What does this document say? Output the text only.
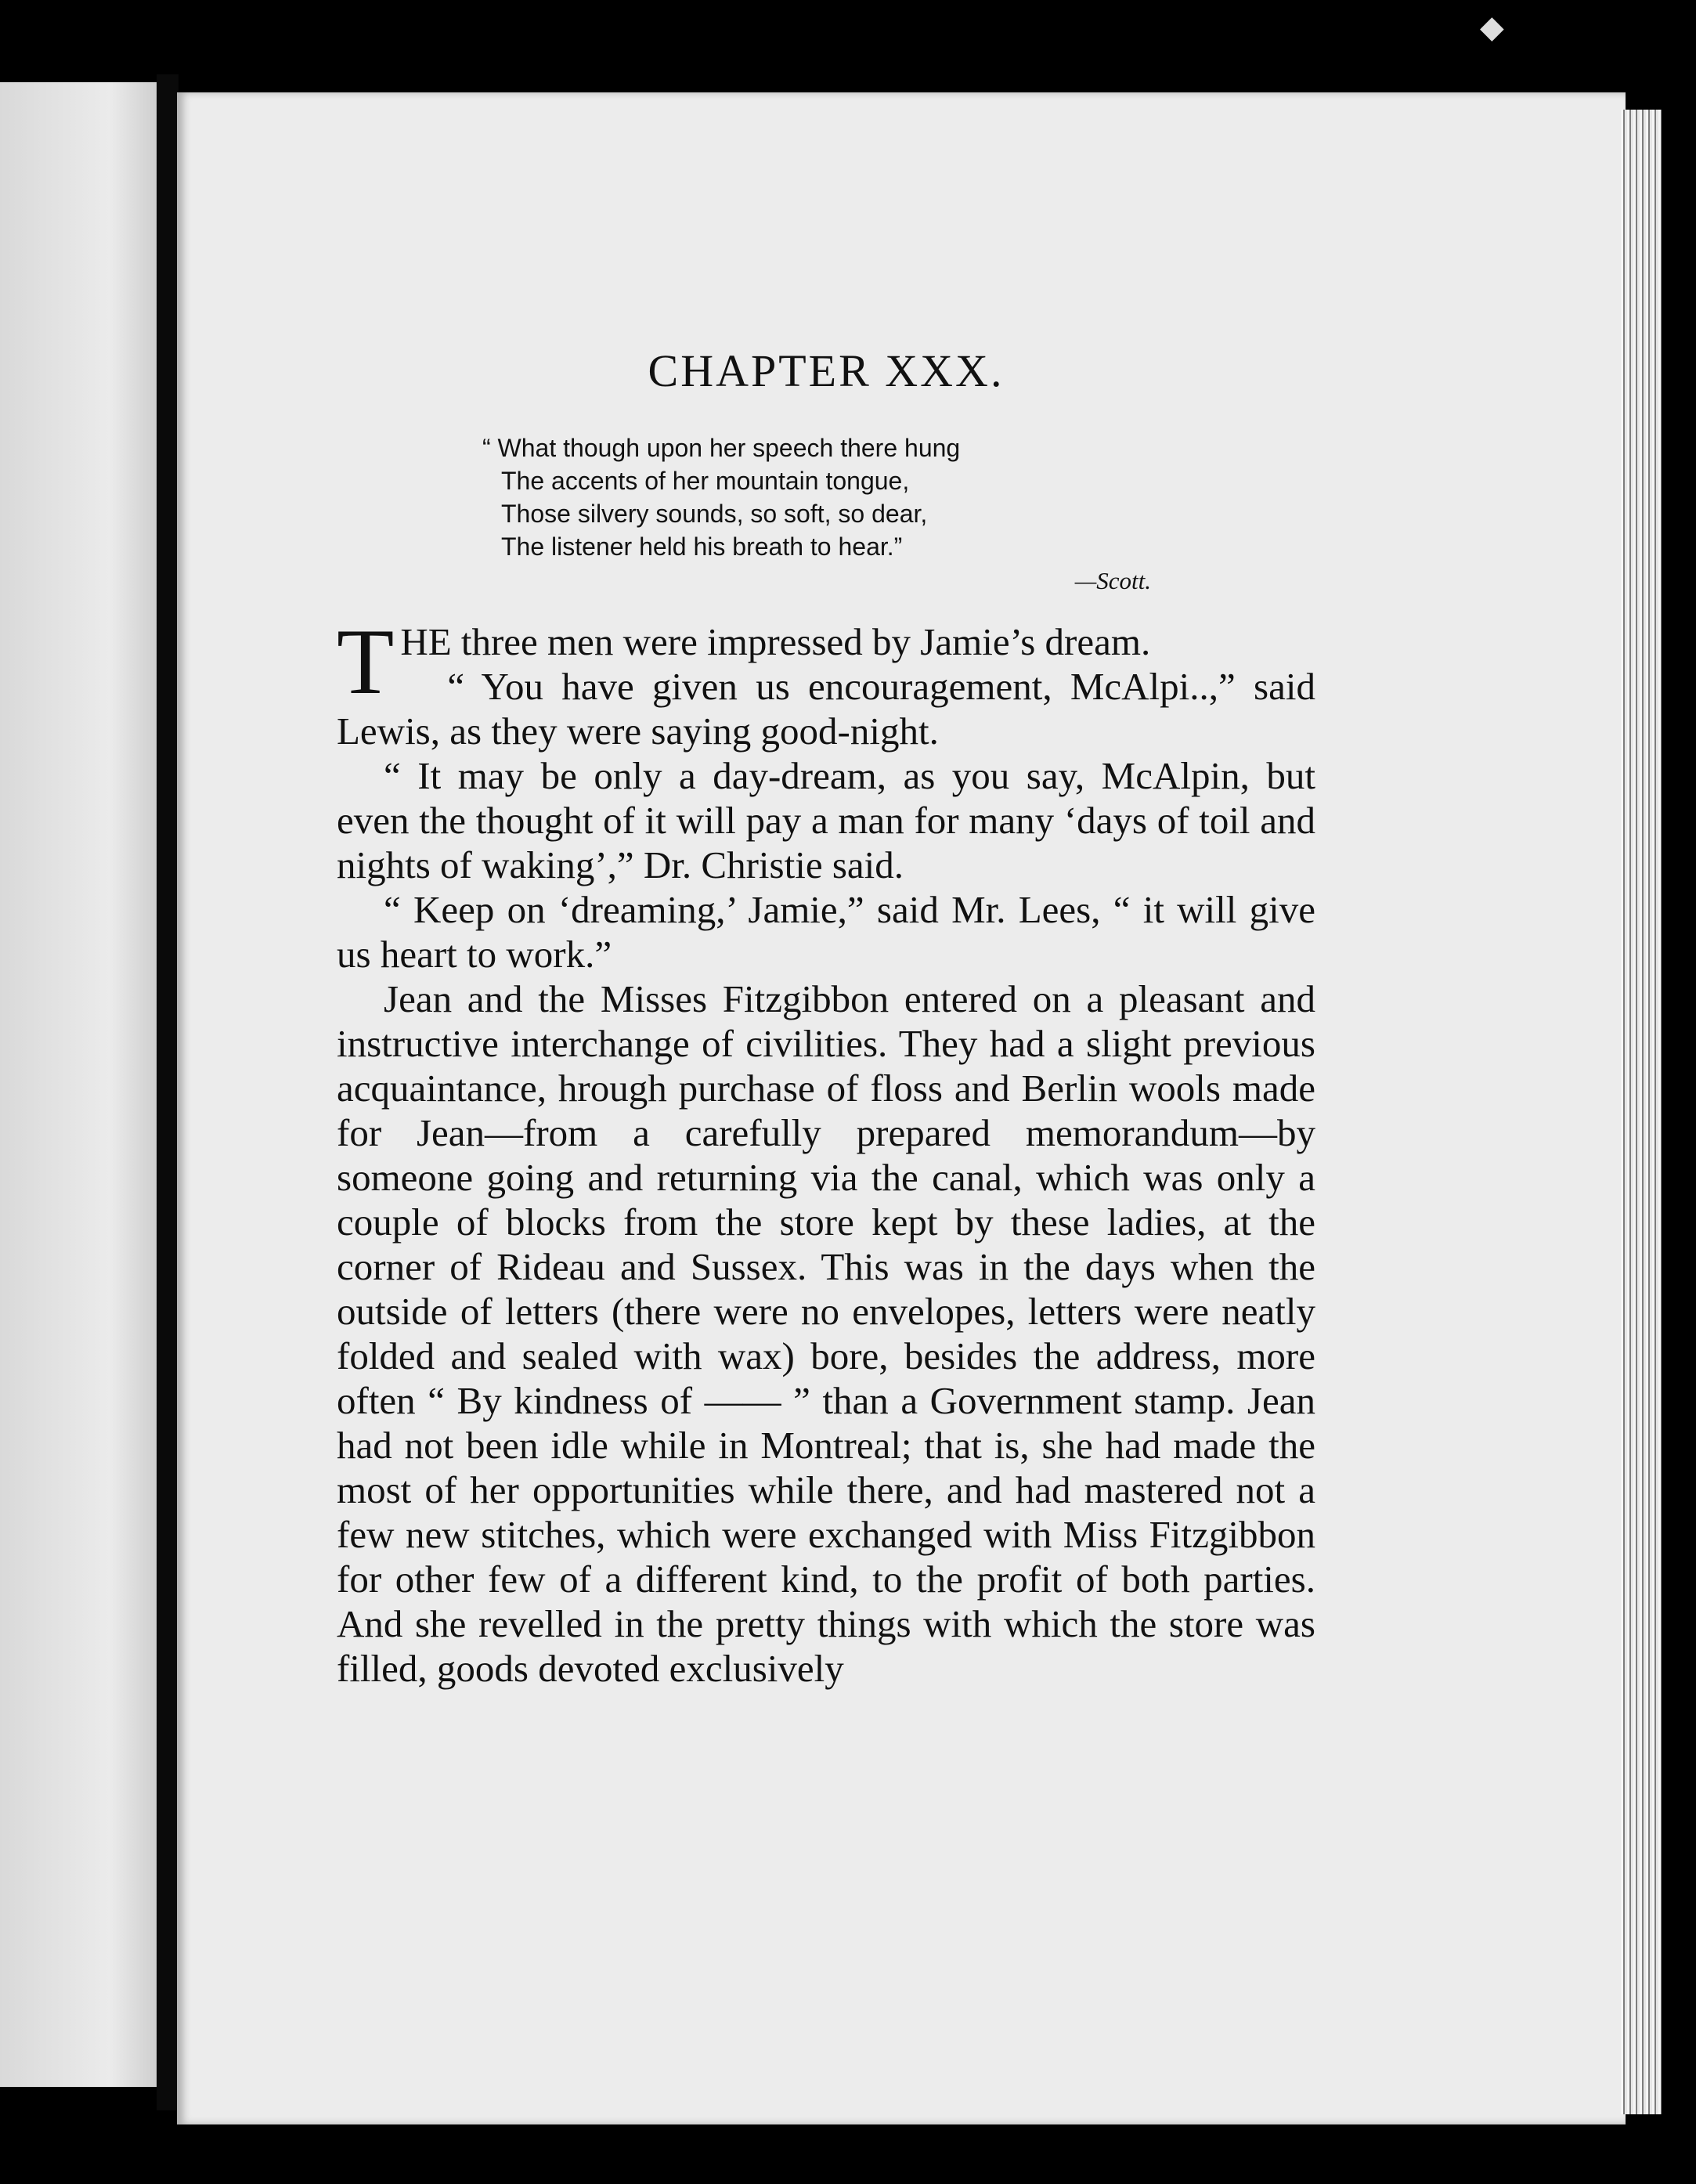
◆
CHAPTER XXX.
“ What though upon her speech there hung
The accents of her mountain tongue,
Those silvery sounds, so soft, so dear,
The listener held his breath to hear.”
—Scott.

THE three men were impressed by Jamie’s dream.

“ You have given us encouragement, McAlpi..,” said Lewis, as they were saying good-night.

“ It may be only a day-dream, as you say, McAlpin, but even the thought of it will pay a man for many ‘days of toil and nights of waking’,” Dr. Christie said.

“ Keep on ‘dreaming,’ Jamie,” said Mr. Lees, “ it will give us heart to work.”

Jean and the Misses Fitzgibbon entered on a pleasant and instructive interchange of civilities. They had a slight previous acquaintance, hrough purchase of floss and Berlin wools made for Jean—from a carefully prepared memorandum—by someone going and returning via the canal, which was only a couple of blocks from the store kept by these ladies, at the corner of Rideau and Sussex. This was in the days when the outside of letters (there were no envelopes, letters were neatly folded and sealed with wax) bore, besides the address, more often “ By kindness of —— ” than a Government stamp. Jean had not been idle while in Montreal; that is, she had made the most of her opportunities while there, and had mastered not a few new stitches, which were exchanged with Miss Fitzgibbon for other few of a different kind, to the profit of both parties. And she revelled in the pretty things with which the store was filled, goods devoted exclusively
